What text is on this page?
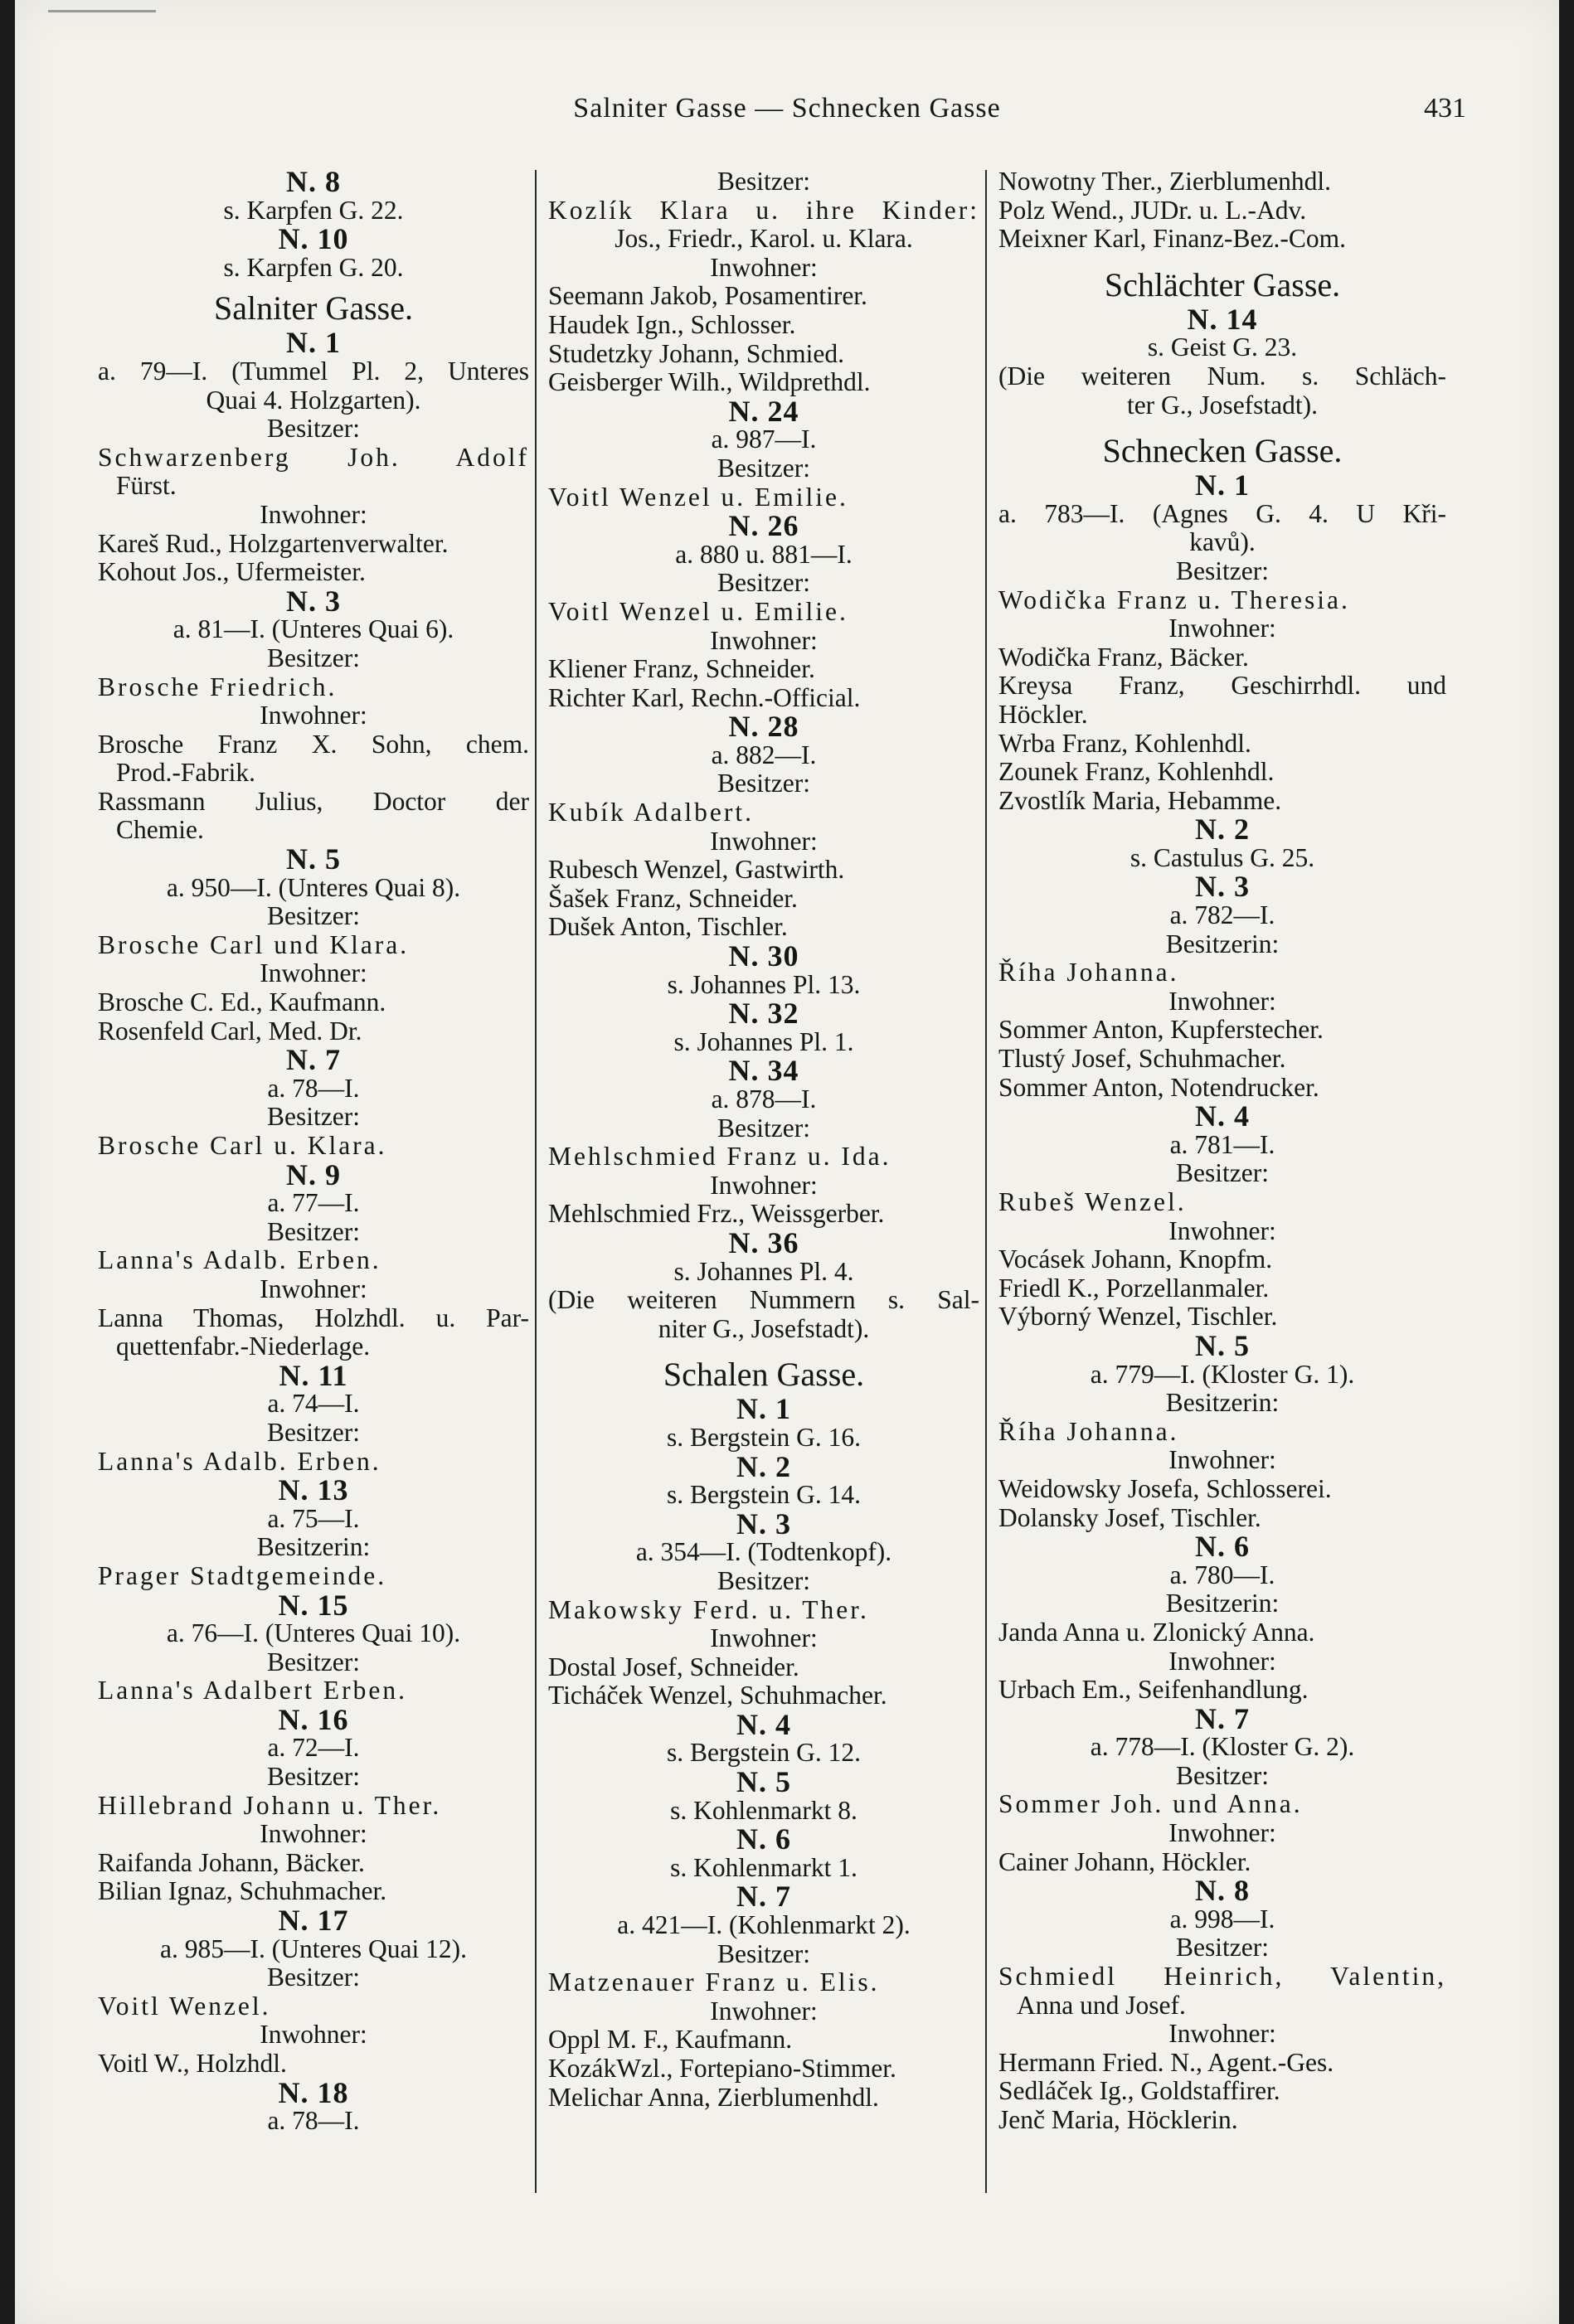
Salniter Gasse — Schnecken Gasse	431
N. 8
s. Karpfen G. 22.
N. 10
s. Karpfen G. 20.
Salniter Gasse.
N. 1
a. 79—I. (Tummel Pl. 2, Unteres
Quai 4. Holzgarten).
Besitzer:
Schwarzenberg Joh. Adolf
Fürst.
Inwohner:
Kareš Rud., Holzgartenverwalter.
Kohout Jos., Ufermeister.
N. 3
a. 81—I. (Unteres Quai 6).
Besitzer:
Brosche Friedrich.
Inwohner:
Brosche Franz X. Sohn, chem.
Prod.-Fabrik.
Rassmann Julius, Doctor der
Chemie.
N. 5
a. 950—I. (Unteres Quai 8).
Besitzer:
Brosche Carl und Klara.
Inwohner:
Brosche C. Ed., Kaufmann.
Rosenfeld Carl, Med. Dr.
N. 7
a. 78—I.
Besitzer:
Brosche Carl u. Klara.
N. 9
a. 77—I.
Besitzer:
Lanna's Adalb. Erben.
Inwohner:
Lanna Thomas, Holzhdl. u. Par-
quettenfabr.-Niederlage.
N. 11
a. 74—I.
Besitzer:
Lanna's Adalb. Erben.
N. 13
a. 75—I.
Besitzerin:
Prager Stadtgemeinde.
N. 15
a. 76—I. (Unteres Quai 10).
Besitzer:
Lanna's Adalbert Erben.
N. 16
a. 72—I.
Besitzer:
Hillebrand Johann u. Ther.
Inwohner:
Raifanda Johann, Bäcker.
Bilian Ignaz, Schuhmacher.
N. 17
a. 985—I. (Unteres Quai 12).
Besitzer:
Voitl Wenzel.
Inwohner:
Voitl W., Holzhdl.
N. 18
a. 78—I.
Besitzer:
Kozlík Klara u. ihre Kinder:
Jos., Friedr., Karol. u. Klara.
Inwohner:
Seemann Jakob, Posamentirer.
Haudek Ign., Schlosser.
Studetzky Johann, Schmied.
Geisberger Wilh., Wildprethdl.
N. 24
a. 987—I.
Besitzer:
Voitl Wenzel u. Emilie.
N. 26
a. 880 u. 881—I.
Besitzer:
Voitl Wenzel u. Emilie.
Inwohner:
Kliener Franz, Schneider.
Richter Karl, Rechn.-Official.
N. 28
a. 882—I.
Besitzer:
Kubík Adalbert.
Inwohner:
Rubesch Wenzel, Gastwirth.
Šašek Franz, Schneider.
Dušek Anton, Tischler.
N. 30
s. Johannes Pl. 13.
N. 32
s. Johannes Pl. 1.
N. 34
a. 878—I.
Besitzer:
Mehlschmied Franz u. Ida.
Inwohner:
Mehlschmied Frz., Weissgerber.
N. 36
s. Johannes Pl. 4.
(Die weiteren Nummern s. Sal-
niter G., Josefstadt).
Schalen Gasse.
N. 1
s. Bergstein G. 16.
N. 2
s. Bergstein G. 14.
N. 3
a. 354—I. (Todtenkopf).
Besitzer:
Makowsky Ferd. u. Ther.
Inwohner:
Dostal Josef, Schneider.
Ticháček Wenzel, Schuhmacher.
N. 4
s. Bergstein G. 12.
N. 5
s. Kohlenmarkt 8.
N. 6
s. Kohlenmarkt 1.
N. 7
a. 421—I. (Kohlenmarkt 2).
Besitzer:
Matzenauer Franz u. Elis.
Inwohner:
Oppl M. F., Kaufmann.
KozákWzl., Fortepiano-Stimmer.
Melichar Anna, Zierblumenhdl.
Nowotny Ther., Zierblumenhdl.
Polz Wend., JUDr. u. L.-Adv.
Meixner Karl, Finanz-Bez.-Com.
Schlächter Gasse.
N. 14
s. Geist G. 23.
(Die weiteren Num. s. Schläch-
ter G., Josefstadt).
Schnecken Gasse.
N. 1
a. 783—I. (Agnes G. 4. U Kři-
kavů).
Besitzer:
Wodička Franz u. Theresia.
Inwohner:
Wodička Franz, Bäcker.
Kreysa Franz, Geschirrhdl. und
Höckler.
Wrba Franz, Kohlenhdl.
Zounek Franz, Kohlenhdl.
Zvostlík Maria, Hebamme.
N. 2
s. Castulus G. 25.
N. 3
a. 782—I.
Besitzerin:
Říha Johanna.
Inwohner:
Sommer Anton, Kupferstecher.
Tlustý Josef, Schuhmacher.
Sommer Anton, Notendrucker.
N. 4
a. 781—I.
Besitzer:
Rubeš Wenzel.
Inwohner:
Vocásek Johann, Knopfm.
Friedl K., Porzellanmaler.
Výborný Wenzel, Tischler.
N. 5
a. 779—I. (Kloster G. 1).
Besitzerin:
Říha Johanna.
Inwohner:
Weidowsky Josefa, Schlosserei.
Dolansky Josef, Tischler.
N. 6
a. 780—I.
Besitzerin:
Janda Anna u. Zlonický Anna.
Inwohner:
Urbach Em., Seifenhandlung.
N. 7
a. 778—I. (Kloster G. 2).
Besitzer:
Sommer Joh. und Anna.
Inwohner:
Cainer Johann, Höckler.
N. 8
a. 998—I.
Besitzer:
Schmiedl Heinrich, Valentin,
Anna und Josef.
Inwohner:
Hermann Fried. N., Agent.-Ges.
Sedláček Ig., Goldstaffirer.
Jenč Maria, Höcklerin.
